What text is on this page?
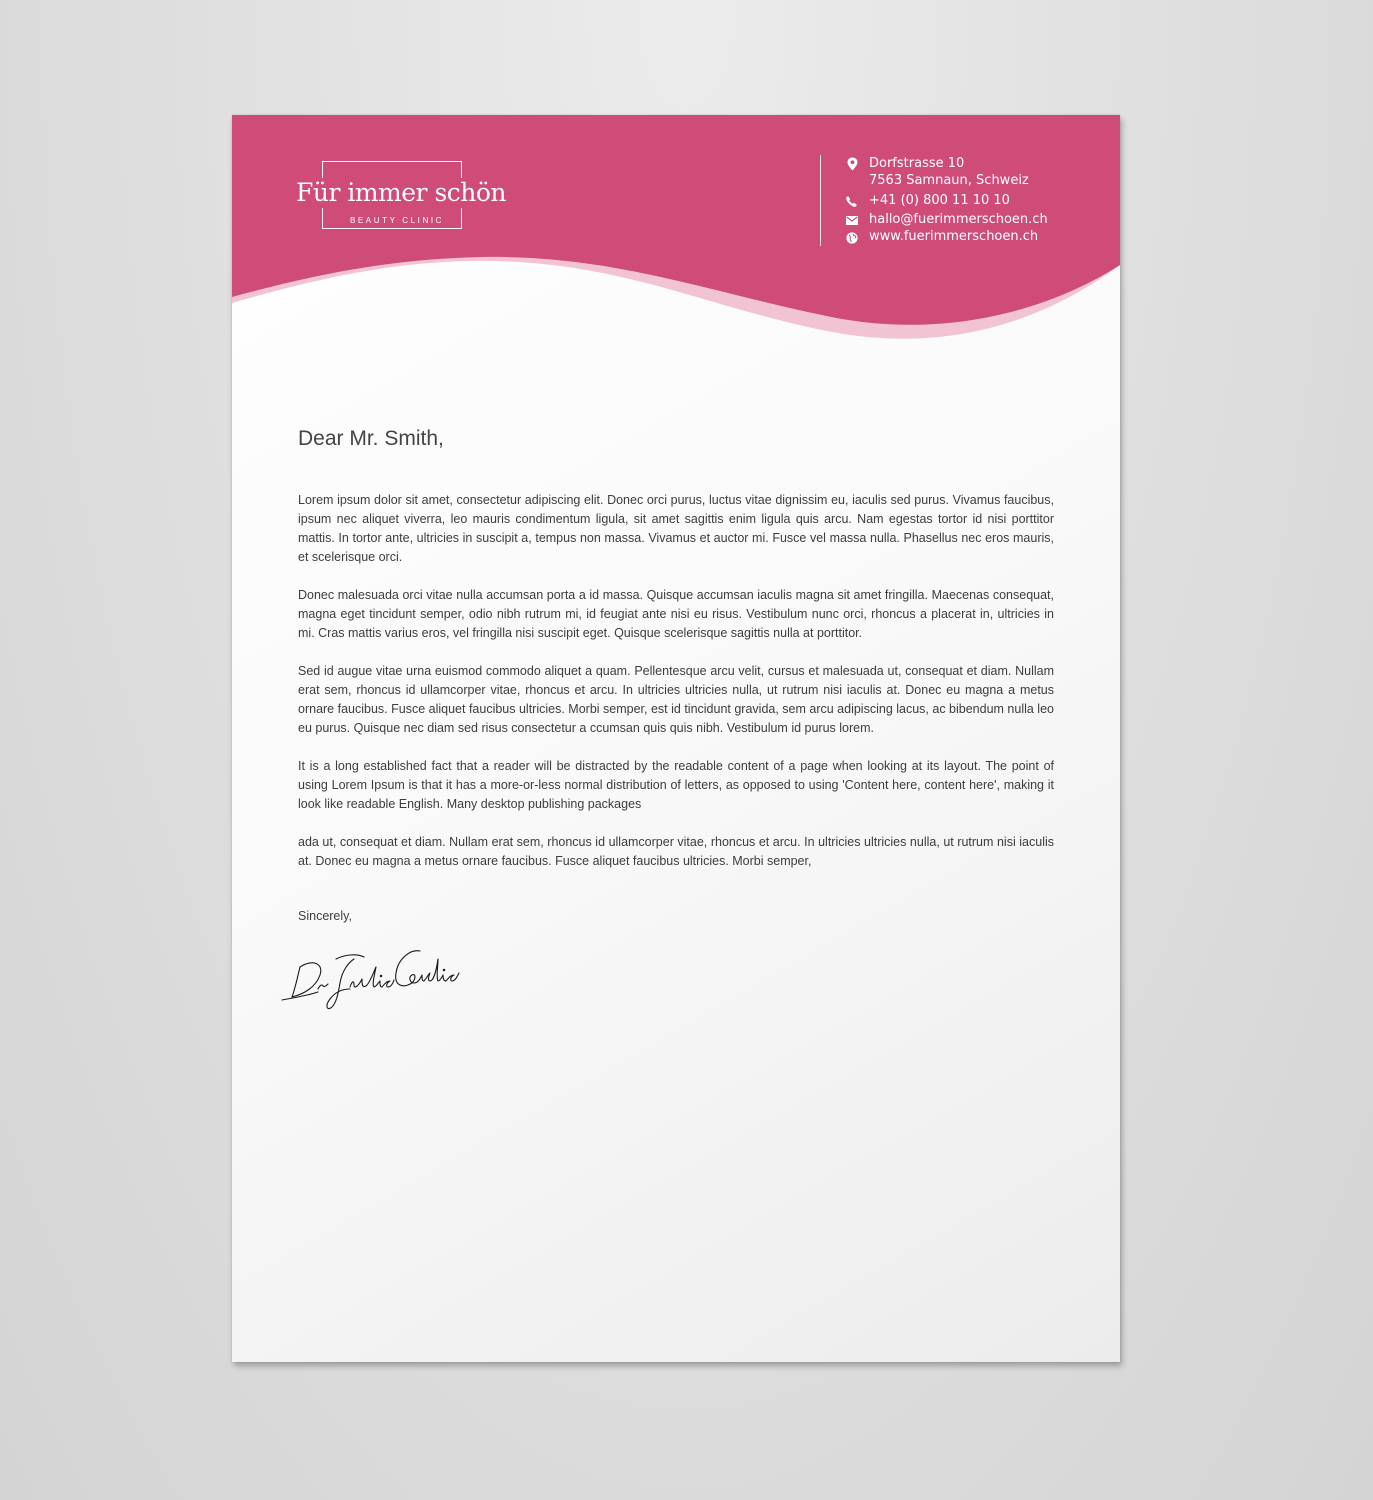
Für immer schön
BEAUTY CLINIC
Dorfstrasse 10
7563 Samnaun, Schweiz
+41 (0) 800 11 10 10
hallo@fuerimmerschoen.ch
www.fuerimmerschoen.ch
Dear Mr. Smith,

Lorem ipsum dolor sit amet, consectetur adipiscing elit. Donec orci purus, luctus vitae dignissim eu, iaculis sed purus. Vivamus faucibus, ipsum nec aliquet viverra, leo mauris condimentum ligula, sit amet sagittis enim ligula quis arcu. Nam egestas tortor id nisi porttitor mattis. In tortor ante, ultricies in suscipit a, tempus non massa. Vivamus et auctor mi. Fusce vel massa nulla. Phasellus nec eros mauris, et scelerisque orci.

Donec malesuada orci vitae nulla accumsan porta a id massa. Quisque accumsan iaculis magna sit amet fringilla. Maecenas consequat, magna eget tincidunt semper, odio nibh rutrum mi, id feugiat ante nisi eu risus. Vestibulum nunc orci, rhoncus a placerat in, ultricies in mi. Cras mattis varius eros, vel fringilla nisi suscipit eget. Quisque scelerisque sagittis nulla at porttitor.

Sed id augue vitae urna euismod commodo aliquet a quam. Pellentesque arcu velit, cursus et malesuada ut, consequat et diam. Nullam erat sem, rhoncus id ullamcorper vitae, rhoncus et arcu. In ultricies ultricies nulla, ut rutrum nisi iaculis at. Donec eu magna a metus ornare faucibus. Fusce aliquet faucibus ultricies. Morbi semper, est id tincidunt gravida, sem arcu adipiscing lacus, ac bibendum nulla leo eu purus. Quisque nec diam sed risus consectetur a ccumsan quis quis nibh. Vestibulum id purus lorem.

It is a long established fact that a reader will be distracted by the readable content of a page when looking at its layout. The point of using Lorem Ipsum is that it has a more-or-less normal distribution of letters, as opposed to using 'Content here, content here', making it look like readable English. Many desktop publishing packages

ada ut, consequat et diam. Nullam erat sem, rhoncus id ullamcorper vitae, rhoncus et arcu. In ultricies ultricies nulla, ut rutrum nisi iaculis at. Donec eu magna a metus ornare faucibus. Fusce aliquet faucibus ultricies. Morbi semper,

Sincerely,
